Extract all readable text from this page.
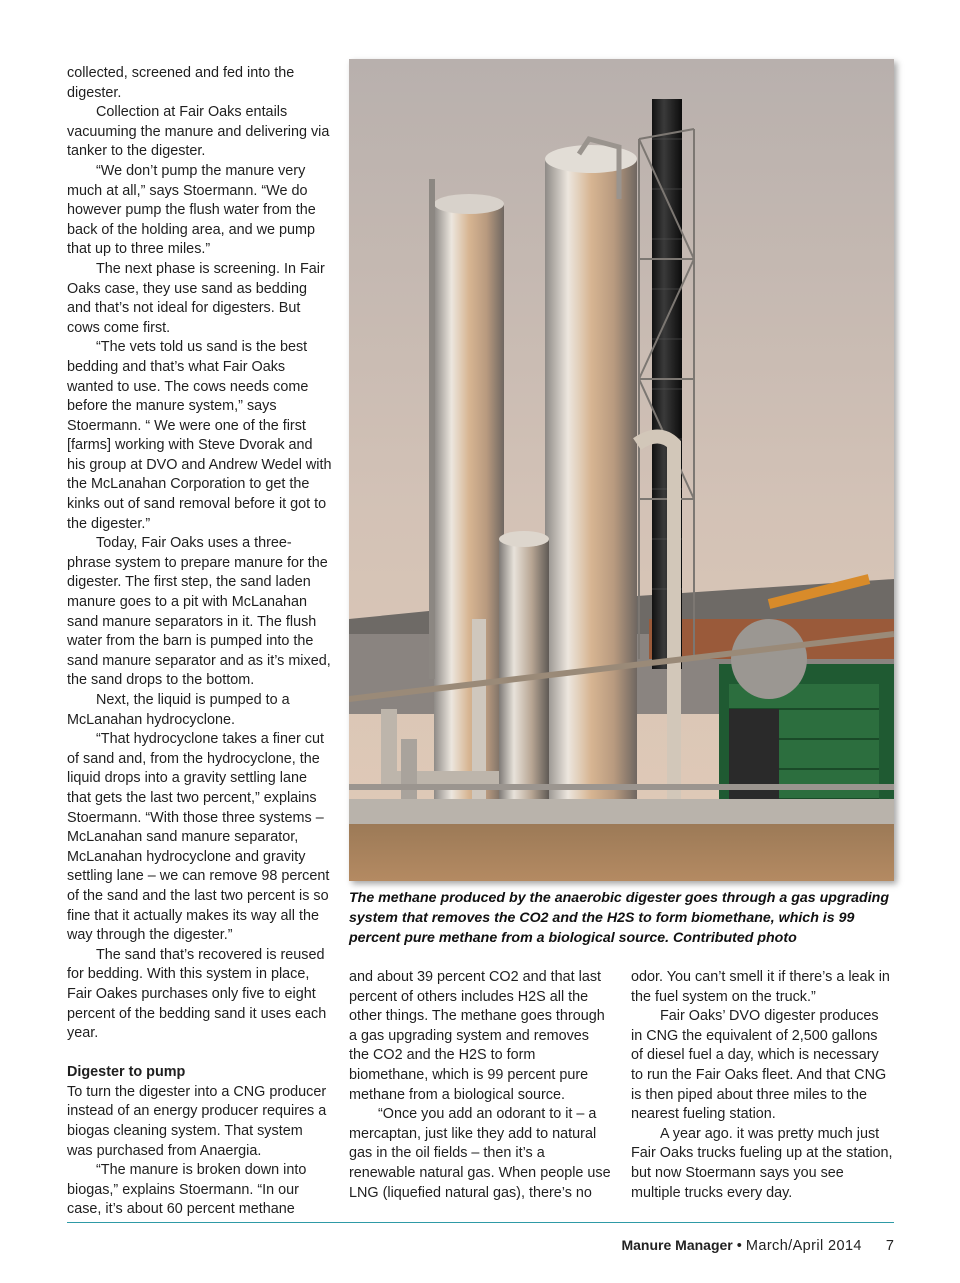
collected, screened and fed into the digester.

Collection at Fair Oaks entails vacuuming the manure and delivering via tanker to the digester.

“We don’t pump the manure very much at all,” says Stoermann. “We do however pump the flush water from the back of the holding area, and we pump that up to three miles.”

The next phase is screening. In Fair Oaks case, they use sand as bedding and that’s not ideal for digesters. But cows come first.

“The vets told us sand is the best bedding and that’s what Fair Oaks wanted to use. The cows needs come before the manure system,” says Stoermann. “ We were one of the first [farms] working with Steve Dvorak and his group at DVO and Andrew Wedel with the McLanahan Corporation to get the kinks out of sand removal before it got to the digester.”

Today, Fair Oaks uses a three-phrase system to prepare manure for the digester. The first step, the sand laden manure goes to a pit with McLanahan sand manure separators in it. The flush water from the barn is pumped into the sand manure separator and as it’s mixed, the sand drops to the bottom.

Next, the liquid is pumped to a McLanahan hydrocyclone.

“That hydrocyclone takes a finer cut of sand and, from the hydrocyclone, the liquid drops into a gravity settling lane that gets the last two percent,” explains Stoermann. “With those three systems – McLanahan sand manure separator, McLanahan hydrocyclone and gravity settling lane – we can remove 98 percent of the sand and the last two percent is so fine that it actually makes its way all the way through the digester.”

The sand that’s recovered is reused for bedding. With this system in place, Fair Oakes purchases only five to eight percent of the bedding sand it uses each year.

Digester to pump

To turn the digester into a CNG producer instead of an energy producer requires a biogas cleaning system. That system was purchased from Anaergia.

“The manure is broken down into biogas,” explains Stoermann. “In our case, it’s about 60 percent methane

The methane produced by the anaerobic digester goes through a gas upgrading system that removes the CO2 and the H2S to form biomethane, which is 99 percent pure methane from a biological source. Contributed photo

and about 39 percent CO2 and that last percent of others includes H2S all the other things. The methane goes through a gas upgrading system and removes the CO2 and the H2S to form biomethane, which is 99 percent pure methane from a biological source.

“Once you add an odorant to it – a mercaptan, just like they add to natural gas in the oil fields – then it’s a renewable natural gas. When people use LNG (liquefied natural gas), there’s no

odor. You can’t smell it if there’s a leak in the fuel system on the truck.”

Fair Oaks’ DVO digester produces in CNG the equivalent of 2,500 gallons of diesel fuel a day, which is necessary to run the Fair Oaks fleet. And that CNG is then piped about three miles to the nearest fueling station.

A year ago. it was pretty much just Fair Oaks trucks fueling up at the station, but now Stoermann says you see multiple trucks every day.

Manure Manager • March/April 2014 7
